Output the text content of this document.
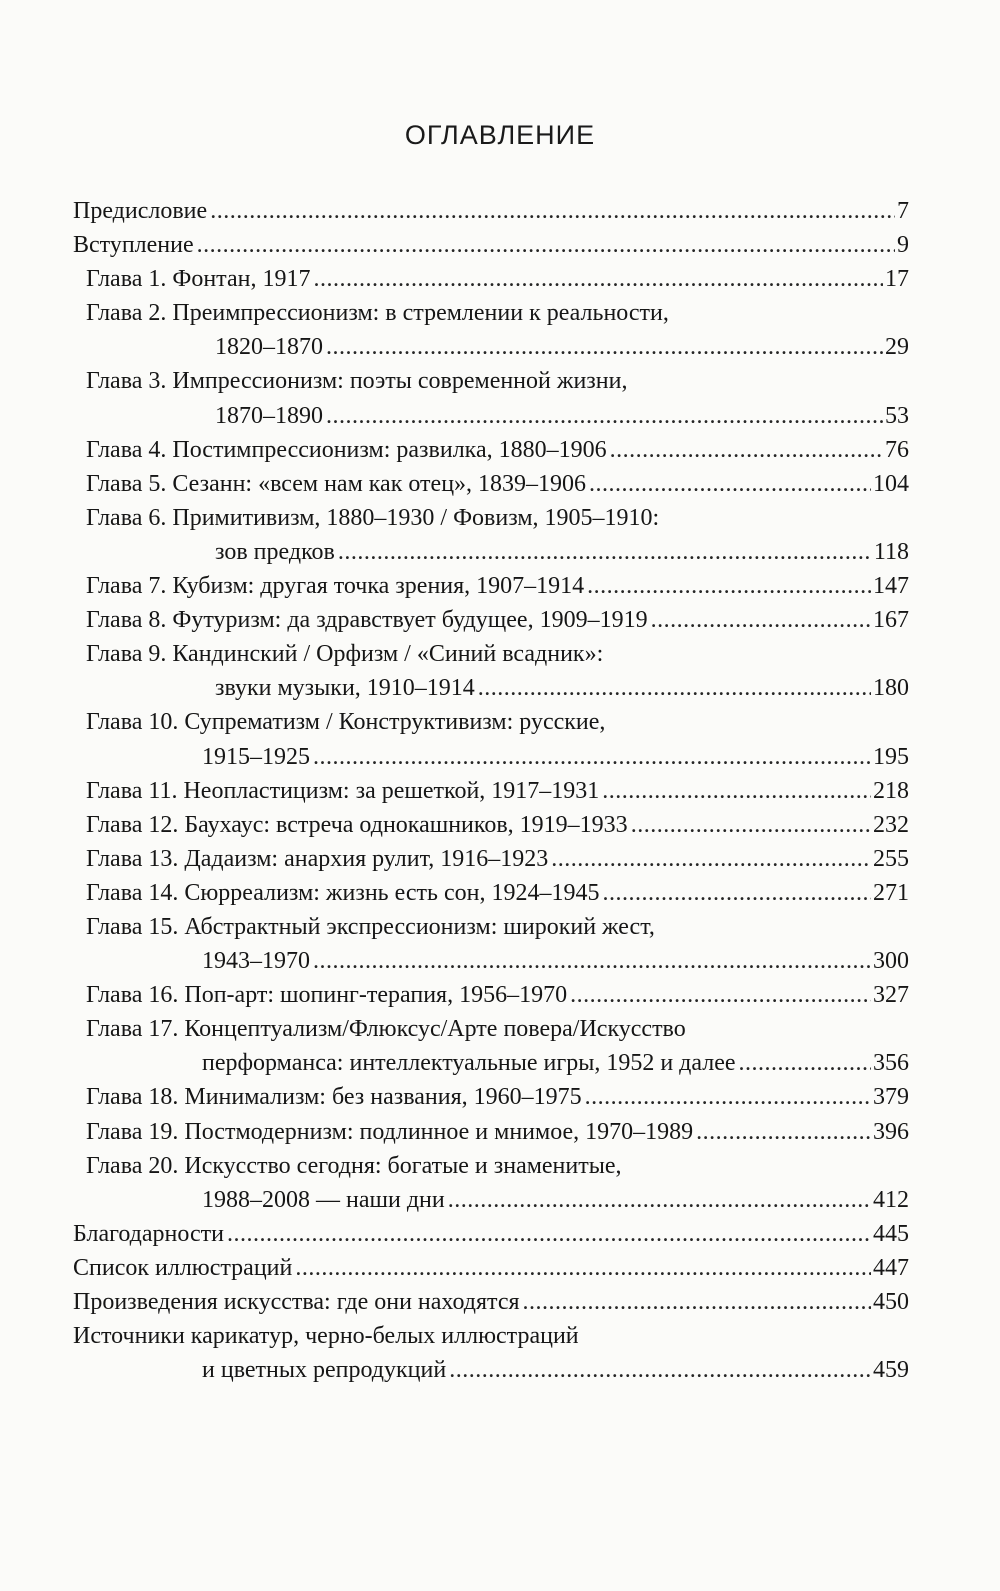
ОГЛАВЛЕНИЕ
Предисловие .....	7
Вступление .....	9
Глава 1. Фонтан, 1917 .....	17
Глава 2. Преимпрессионизм: в стремлении к реальности,
1820–1870 .....	29
Глава 3. Импрессионизм: поэты современной жизни,
1870–1890 .....	53
Глава 4. Постимпрессионизм: развилка, 1880–1906 .....	76
Глава 5. Сезанн: «всем нам как отец», 1839–1906 .....	104
Глава 6. Примитивизм, 1880–1930 / Фовизм, 1905–1910:
зов предков .....	118
Глава 7. Кубизм: другая точка зрения, 1907–1914 .....	147
Глава 8. Футуризм: да здравствует будущее, 1909–1919 .....	167
Глава 9. Кандинский / Орфизм / «Синий всадник»:
звуки музыки, 1910–1914 .....	180
Глава 10. Супрематизм / Конструктивизм: русские,
1915–1925 .....	195
Глава 11. Неопластицизм: за решеткой, 1917–1931 .....	218
Глава 12. Баухаус: встреча однокашников, 1919–1933 .....	232
Глава 13. Дадаизм: анархия рулит, 1916–1923 .....	255
Глава 14. Сюрреализм: жизнь есть сон, 1924–1945 .....	271
Глава 15. Абстрактный экспрессионизм: широкий жест,
1943–1970 .....	300
Глава 16. Поп-арт: шопинг-терапия, 1956–1970 .....	327
Глава 17. Концептуализм/Флюксус/Арте повера/Искусство
перформанса: интеллектуальные игры, 1952 и далее .....	356
Глава 18. Минимализм: без названия, 1960–1975 .....	379
Глава 19. Постмодернизм: подлинное и мнимое, 1970–1989 .....	396
Глава 20. Искусство сегодня: богатые и знаменитые,
1988–2008 — наши дни .....	412
Благодарности .....	445
Список иллюстраций .....	447
Произведения искусства: где они находятся .....	450
Источники карикатур, черно-белых иллюстраций
и цветных репродукций .....	459
